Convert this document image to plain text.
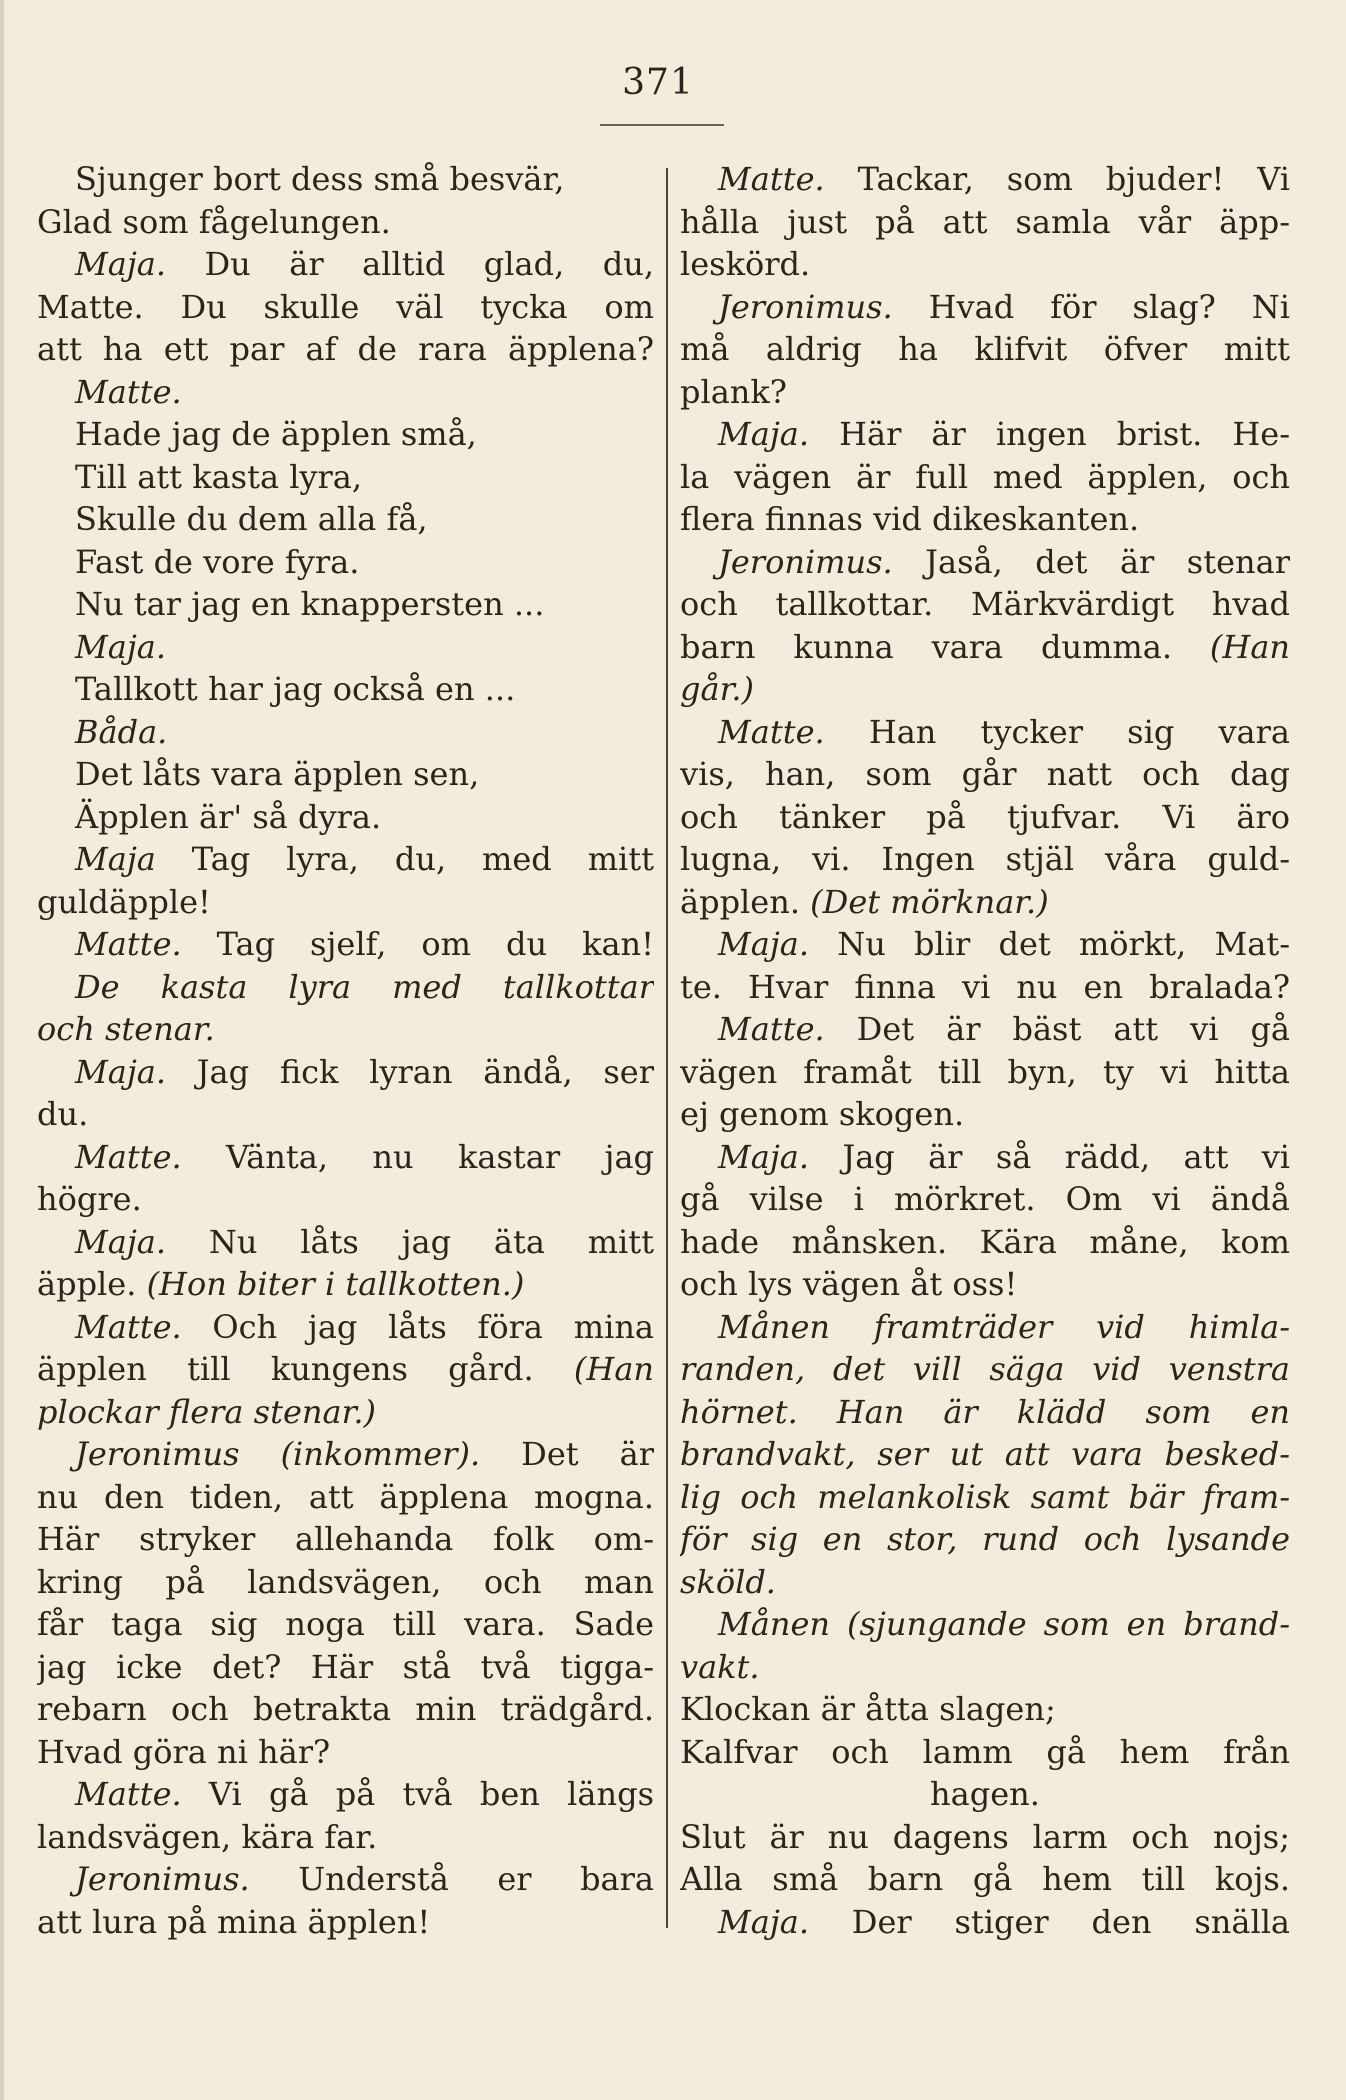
371
Sjunger bort dess små besvär,
Glad som fågelungen.
Maja. Du är alltid glad, du,
Matte. Du skulle väl tycka om
att ha ett par af de rara äpplena?
Matte.
Hade jag de äpplen små,
Till att kasta lyra,
Skulle du dem alla få,
Fast de vore fyra.
Nu tar jag en knappersten ...
Maja.
Tallkott har jag också en ...
Båda.
Det låts vara äpplen sen,
Äpplen är' så dyra.
Maja Tag lyra, du, med mitt
guldäpple!
Matte. Tag sjelf, om du kan!
De kasta lyra med tallkottar
och stenar.
Maja. Jag fick lyran ändå, ser
du.
Matte. Vänta, nu kastar jag
högre.
Maja. Nu låts jag äta mitt
äpple. (Hon biter i tallkotten.)
Matte. Och jag låts föra mina
äpplen till kungens gård. (Han
plockar flera stenar.)
Jeronimus (inkommer). Det är
nu den tiden, att äpplena mogna.
Här stryker allehanda folk om-
kring på landsvägen, och man
får taga sig noga till vara. Sade
jag icke det? Här stå två tigga-
rebarn och betrakta min trädgård.
Hvad göra ni här?
Matte. Vi gå på två ben längs
landsvägen, kära far.
Jeronimus. Understå er bara
att lura på mina äpplen!
Matte. Tackar, som bjuder! Vi
hålla just på att samla vår äpp-
leskörd.
Jeronimus. Hvad för slag? Ni
må aldrig ha klifvit öfver mitt
plank?
Maja. Här är ingen brist. He-
la vägen är full med äpplen, och
flera finnas vid dikeskanten.
Jeronimus. Jaså, det är stenar
och tallkottar. Märkvärdigt hvad
barn kunna vara dumma. (Han
går.)
Matte. Han tycker sig vara
vis, han, som går natt och dag
och tänker på tjufvar. Vi äro
lugna, vi. Ingen stjäl våra guld-
äpplen. (Det mörknar.)
Maja. Nu blir det mörkt, Mat-
te. Hvar finna vi nu en bralada?
Matte. Det är bäst att vi gå
vägen framåt till byn, ty vi hitta
ej genom skogen.
Maja. Jag är så rädd, att vi
gå vilse i mörkret. Om vi ändå
hade månsken. Kära måne, kom
och lys vägen åt oss!
Månen framträder vid himla-
randen, det vill säga vid venstra
hörnet. Han är klädd som en
brandvakt, ser ut att vara besked-
lig och melankolisk samt bär fram-
för sig en stor, rund och lysande
sköld.
Månen (sjungande som en brand-
vakt.
Klockan är åtta slagen;
Kalfvar och lamm gå hem från
hagen.
Slut är nu dagens larm och nojs;
Alla små barn gå hem till kojs.
Maja. Der stiger den snälla
